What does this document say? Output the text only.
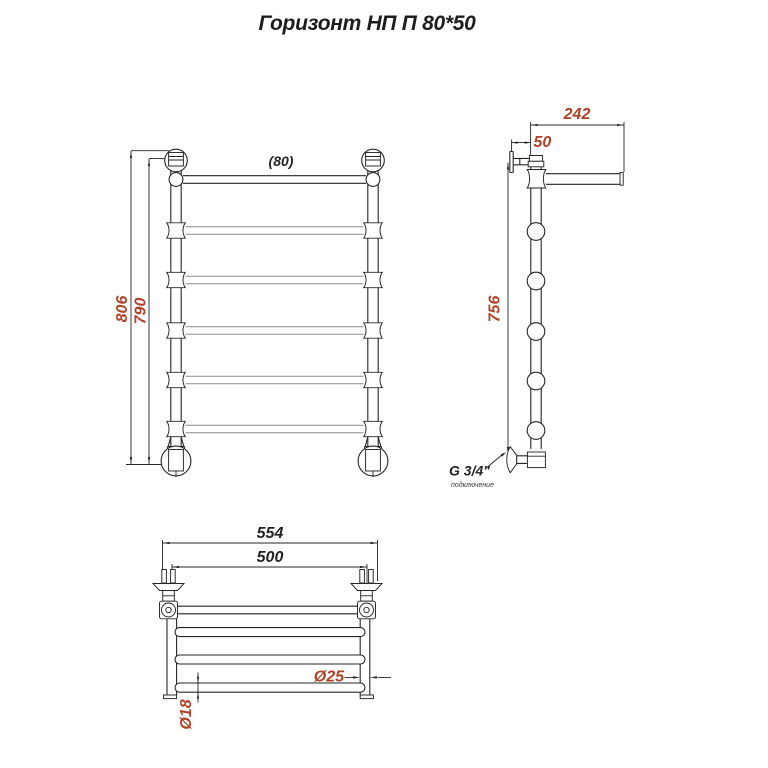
Горизонт НП П 80*50
806 790
(80)
242
50
756
G 3/4"
подключение
554
500
Ø25
Ø18
